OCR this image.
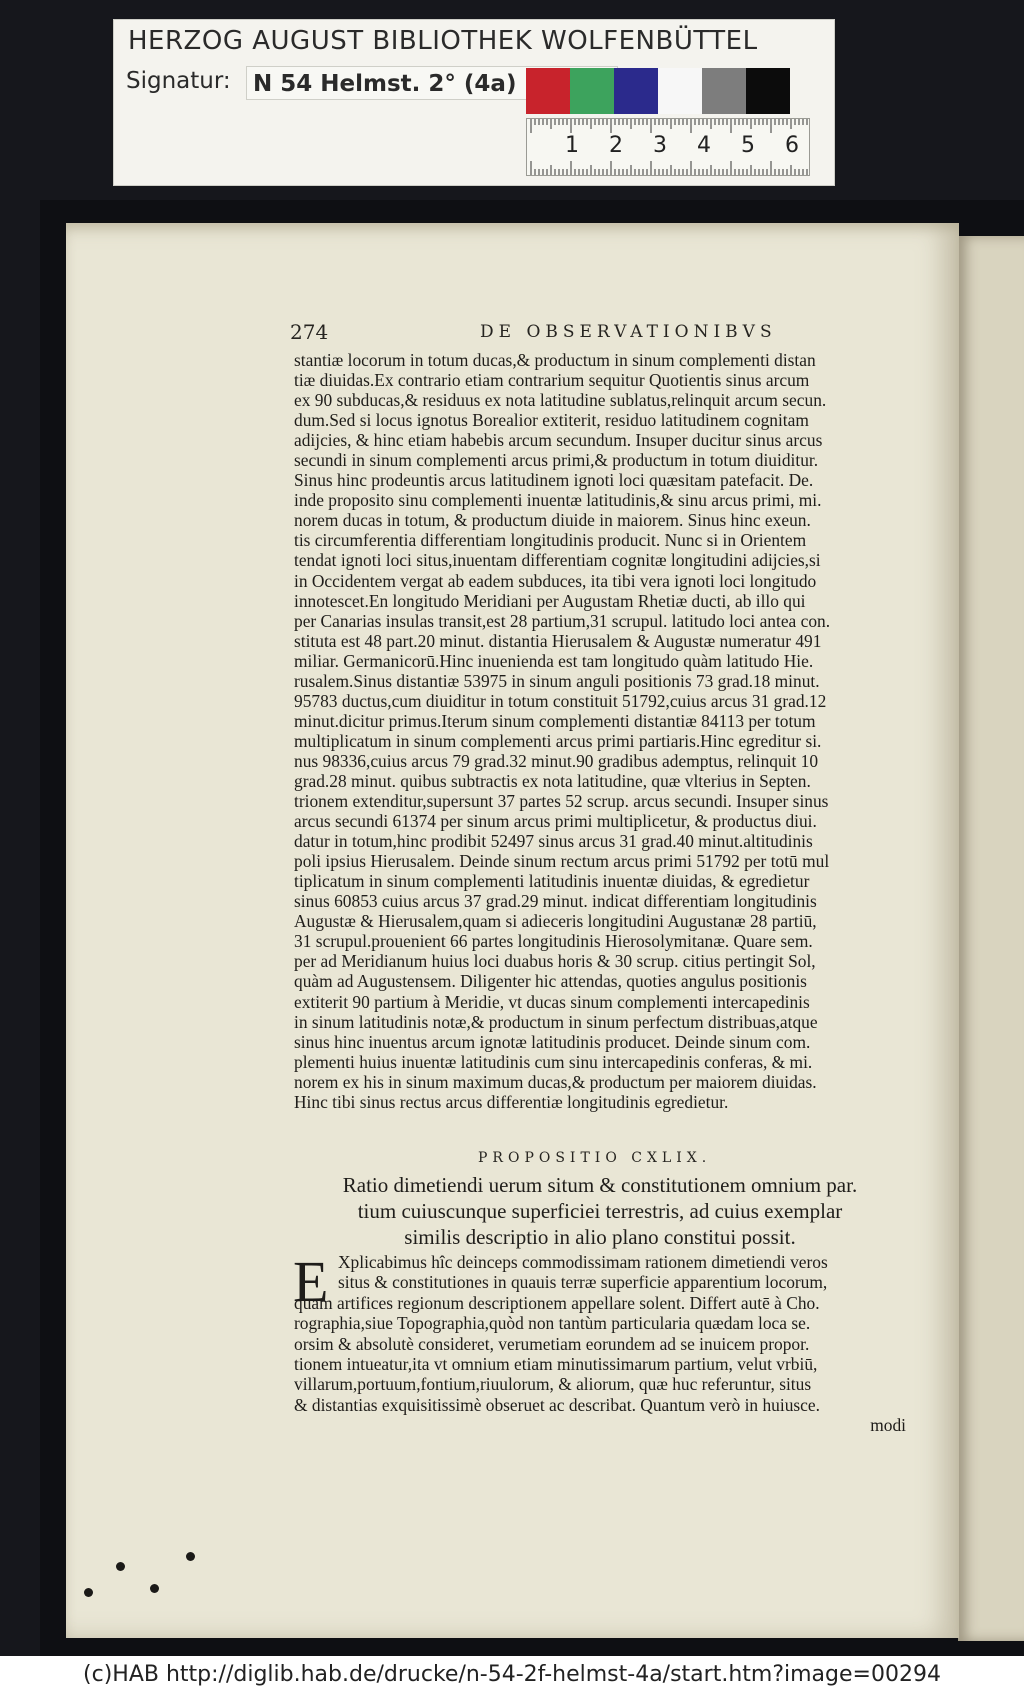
HERZOG AUGUST BIBLIOTHEK WOLFENBÜTTEL
Signatur: N 54 Helmst. 2° (4a)
1 2 3 4 5 6
274	DE OBSERVATIONIBVS
stantiæ locorum in totum ducas,& productum in sinum complementi distan
tiæ diuidas.Ex contrario etiam contrarium sequitur Quotientis sinus arcum
ex 90 subducas,& residuus ex nota latitudine sublatus,relinquit arcum secun.
dum.Sed si locus ignotus Borealior extiterit, residuo latitudinem cognitam
adijcies, & hinc etiam habebis arcum secundum. Insuper ducitur sinus arcus
secundi in sinum complementi arcus primi,& productum in totum diuiditur.
Sinus hinc prodeuntis arcus latitudinem ignoti loci quæsitam patefacit. De.
inde proposito sinu complementi inuentæ latitudinis,& sinu arcus primi, mi.
norem ducas in totum, & productum diuide in maiorem. Sinus hinc exeun.
tis circumferentia differentiam longitudinis producit. Nunc si in Orientem
tendat ignoti loci situs,inuentam differentiam cognitæ longitudini adijcies,si
in Occidentem vergat ab eadem subduces, ita tibi vera ignoti loci longitudo
innotescet.En longitudo Meridiani per Augustam Rhetiæ ducti, ab illo qui
per Canarias insulas transit,est 28 partium,31 scrupul. latitudo loci antea con.
stituta est 48 part.20 minut. distantia Hierusalem & Augustæ numeratur 491
miliar. Germanicorū.Hinc inuenienda est tam longitudo quàm latitudo Hie.
rusalem.Sinus distantiæ 53975 in sinum anguli positionis 73 grad.18 minut.
95783 ductus,cum diuiditur in totum constituit 51792,cuius arcus 31 grad.12
minut.dicitur primus.Iterum sinum complementi distantiæ 84113 per totum
multiplicatum in sinum complementi arcus primi partiaris.Hinc egreditur si.
nus 98336,cuius arcus 79 grad.32 minut.90 gradibus ademptus, relinquit 10
grad.28 minut. quibus subtractis ex nota latitudine, quæ vlterius in Septen.
trionem extenditur,supersunt 37 partes 52 scrup. arcus secundi. Insuper sinus
arcus secundi 61374 per sinum arcus primi multiplicetur, & productus diui.
datur in totum,hinc prodibit 52497 sinus arcus 31 grad.40 minut.altitudinis
poli ipsius Hierusalem. Deinde sinum rectum arcus primi 51792 per totū mul
tiplicatum in sinum complementi latitudinis inuentæ diuidas, & egredietur
sinus 60853 cuius arcus 37 grad.29 minut. indicat differentiam longitudinis
Augustæ & Hierusalem,quam si adieceris longitudini Augustanæ 28 partiū,
31 scrupul.prouenient 66 partes longitudinis Hierosolymitanæ. Quare sem.
per ad Meridianum huius loci duabus horis & 30 scrup. citius pertingit Sol,
quàm ad Augustensem. Diligenter hic attendas, quoties angulus positionis
extiterit 90 partium à Meridie, vt ducas sinum complementi intercapedinis
in sinum latitudinis notæ,& productum in sinum perfectum distribuas,atque
sinus hinc inuentus arcum ignotæ latitudinis producet. Deinde sinum com.
plementi huius inuentæ latitudinis cum sinu intercapedinis conferas, & mi.
norem ex his in sinum maximum ducas,& productum per maiorem diuidas.
Hinc tibi sinus rectus arcus differentiæ longitudinis egredietur.
PROPOSITIO CXLIX.
Ratio dimetiendi uerum situm & constitutionem omnium par.
tium cuiuscunque superficiei terrestris, ad cuius exemplar
similis descriptio in alio plano constitui possit.
E Xplicabimus hîc deinceps commodissimam rationem dimetiendi veros
situs & constitutiones in quauis terræ superficie apparentium locorum,
quam artifices regionum descriptionem appellare solent. Differt autē à Cho.
rographia,siue Topographia,quòd non tantùm particularia quædam loca se.
orsim & absolutè consideret, verumetiam eorundem ad se inuicem propor.
tionem intueatur,ita vt omnium etiam minutissimarum partium, velut vrbiū,
villarum,portuum,fontium,riuulorum, & aliorum, quæ huc referuntur, situs
& distantias exquisitissimè obseruet ac describat. Quantum verò in huiusce.
modi
(c)HAB http://diglib.hab.de/drucke/n-54-2f-helmst-4a/start.htm?image=00294
